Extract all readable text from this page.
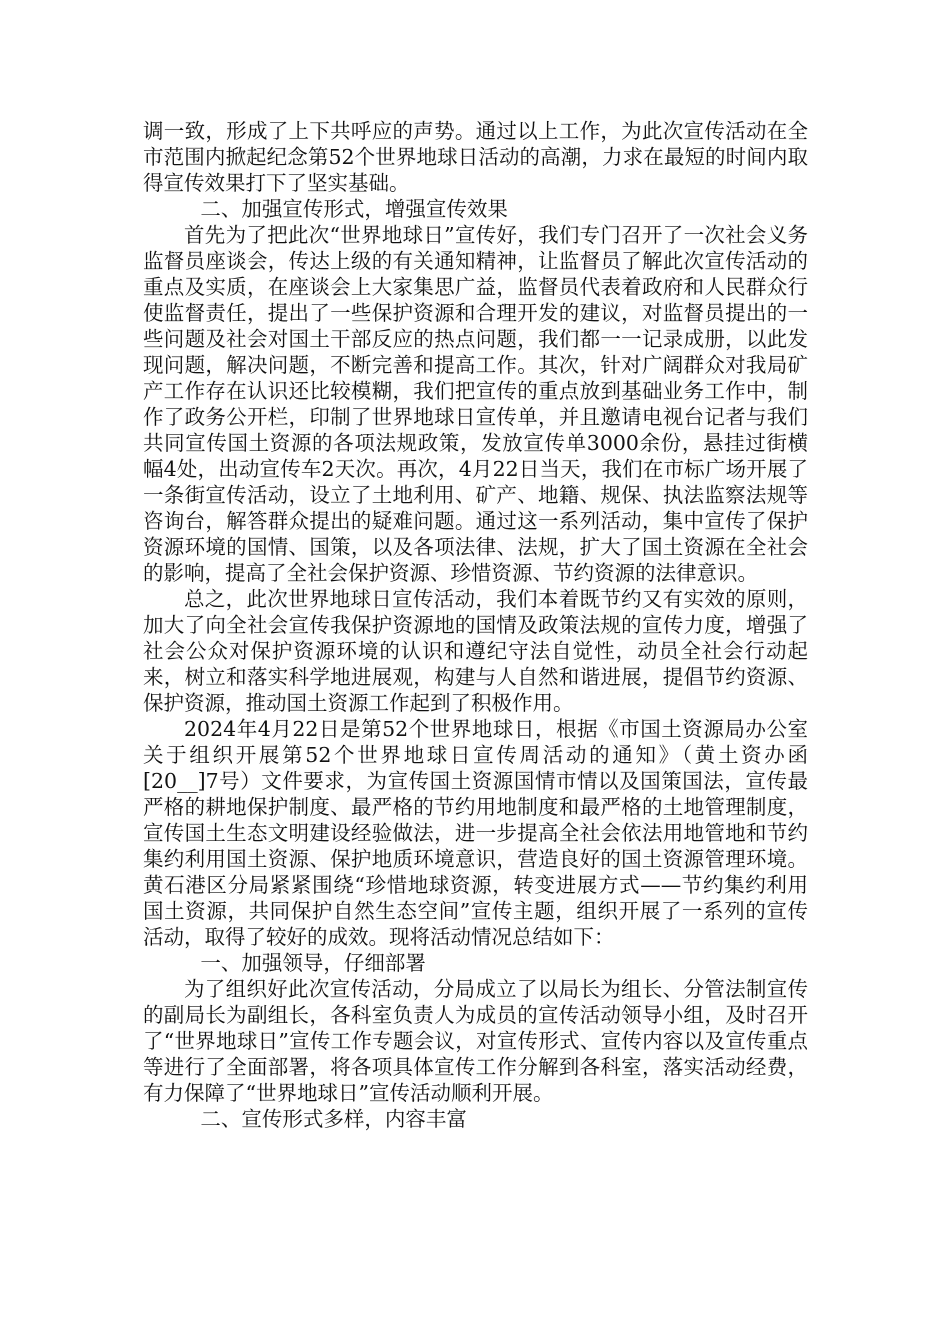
调一致，形成了上下共呼应的声势。通过以上工作，为此次宣传活动在全市范围内掀起纪念第52个世界地球日活动的高潮，力求在最短的时间内取得宣传效果打下了坚实基础。

二、加强宣传形式，增强宣传效果

首先为了把此次“世界地球日”宣传好，我们专门召开了一次社会义务监督员座谈会，传达上级的有关通知精神，让监督员了解此次宣传活动的重点及实质，在座谈会上大家集思广益，监督员代表着政府和人民群众行使监督责任，提出了一些保护资源和合理开发的建议，对监督员提出的一些问题及社会对国土干部反应的热点问题，我们都一一记录成册，以此发现问题，解决问题，不断完善和提高工作。其次，针对广阔群众对我局矿产工作存在认识还比较模糊，我们把宣传的重点放到基础业务工作中，制作了政务公开栏，印制了世界地球日宣传单，并且邀请电视台记者与我们共同宣传国土资源的各项法规政策，发放宣传单3000余份，悬挂过街横幅4处，出动宣传车2天次。再次，4月22日当天，我们在市标广场开展了一条街宣传活动，设立了土地利用、矿产、地籍、规保、执法监察法规等咨询台，解答群众提出的疑难问题。通过这一系列活动，集中宣传了保护资源环境的国情、国策，以及各项法律、法规，扩大了国土资源在全社会的影响，提高了全社会保护资源、珍惜资源、节约资源的法律意识。

总之，此次世界地球日宣传活动，我们本着既节约又有实效的原则，加大了向全社会宣传我保护资源地的国情及政策法规的宣传力度，增强了社会公众对保护资源环境的认识和遵纪守法自觉性，动员全社会行动起来，树立和落实科学地进展观，构建与人自然和谐进展，提倡节约资源、保护资源，推动国土资源工作起到了积极作用。

2024年4月22日是第52个世界地球日，根据《市国土资源局办公室关于组织开展第52个世界地球日宣传周活动的通知》（黄土资办函[20__]7号）文件要求，为宣传国土资源国情市情以及国策国法，宣传最严格的耕地保护制度、最严格的节约用地制度和最严格的土地管理制度，宣传国土生态文明建设经验做法，进一步提高全社会依法用地管地和节约集约利用国土资源、保护地质环境意识，营造良好的国土资源管理环境。黄石港区分局紧紧围绕“珍惜地球资源，转变进展方式——节约集约利用国土资源，共同保护自然生态空间”宣传主题，组织开展了一系列的宣传活动，取得了较好的成效。现将活动情况总结如下：

一、加强领导，仔细部署

为了组织好此次宣传活动，分局成立了以局长为组长、分管法制宣传的副局长为副组长，各科室负责人为成员的宣传活动领导小组，及时召开了“世界地球日”宣传工作专题会议，对宣传形式、宣传内容以及宣传重点等进行了全面部署，将各项具体宣传工作分解到各科室，落实活动经费，有力保障了“世界地球日”宣传活动顺利开展。

二、宣传形式多样，内容丰富
